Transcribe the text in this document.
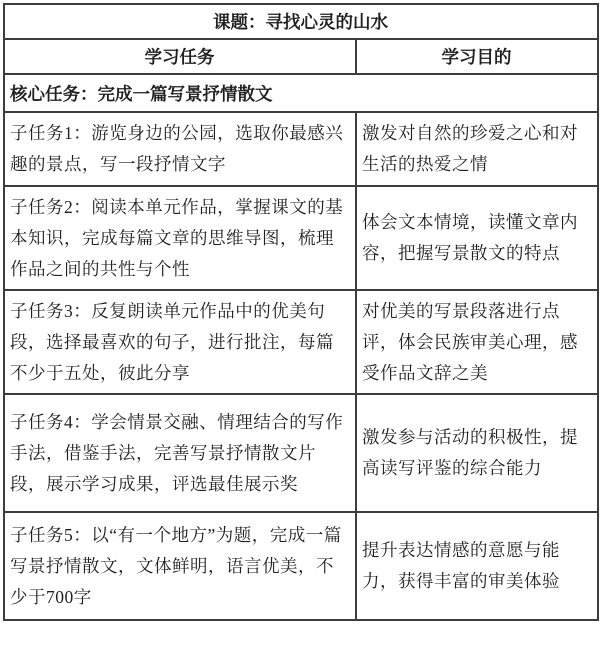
课题：寻找心灵的山水	
学习任务	学习目的
核心任务：完成一篇写景抒情散文	
子任务1：游览身边的公园，选取你最感兴趣的景点，写一段抒情文字	激发对自然的珍爱之心和对生活的热爱之情
子任务2：阅读本单元作品，掌握课文的基本知识，完成每篇文章的思维导图，梳理作品之间的共性与个性	体会文本情境，读懂文章内容，把握写景散文的特点
子任务3：反复朗读单元作品中的优美句段，选择最喜欢的句子，进行批注，每篇不少于五处，彼此分享	对优美的写景段落进行点评，体会民族审美心理，感受作品文辞之美
子任务4：学会情景交融、情理结合的写作手法，借鉴手法，完善写景抒情散文片段，展示学习成果，评选最佳展示奖	激发参与活动的积极性，提高读写评鉴的综合能力
子任务5：以“有一个地方”为题，完成一篇写景抒情散文，文体鲜明，语言优美，不少于700字	提升表达情感的意愿与能力，获得丰富的审美体验
